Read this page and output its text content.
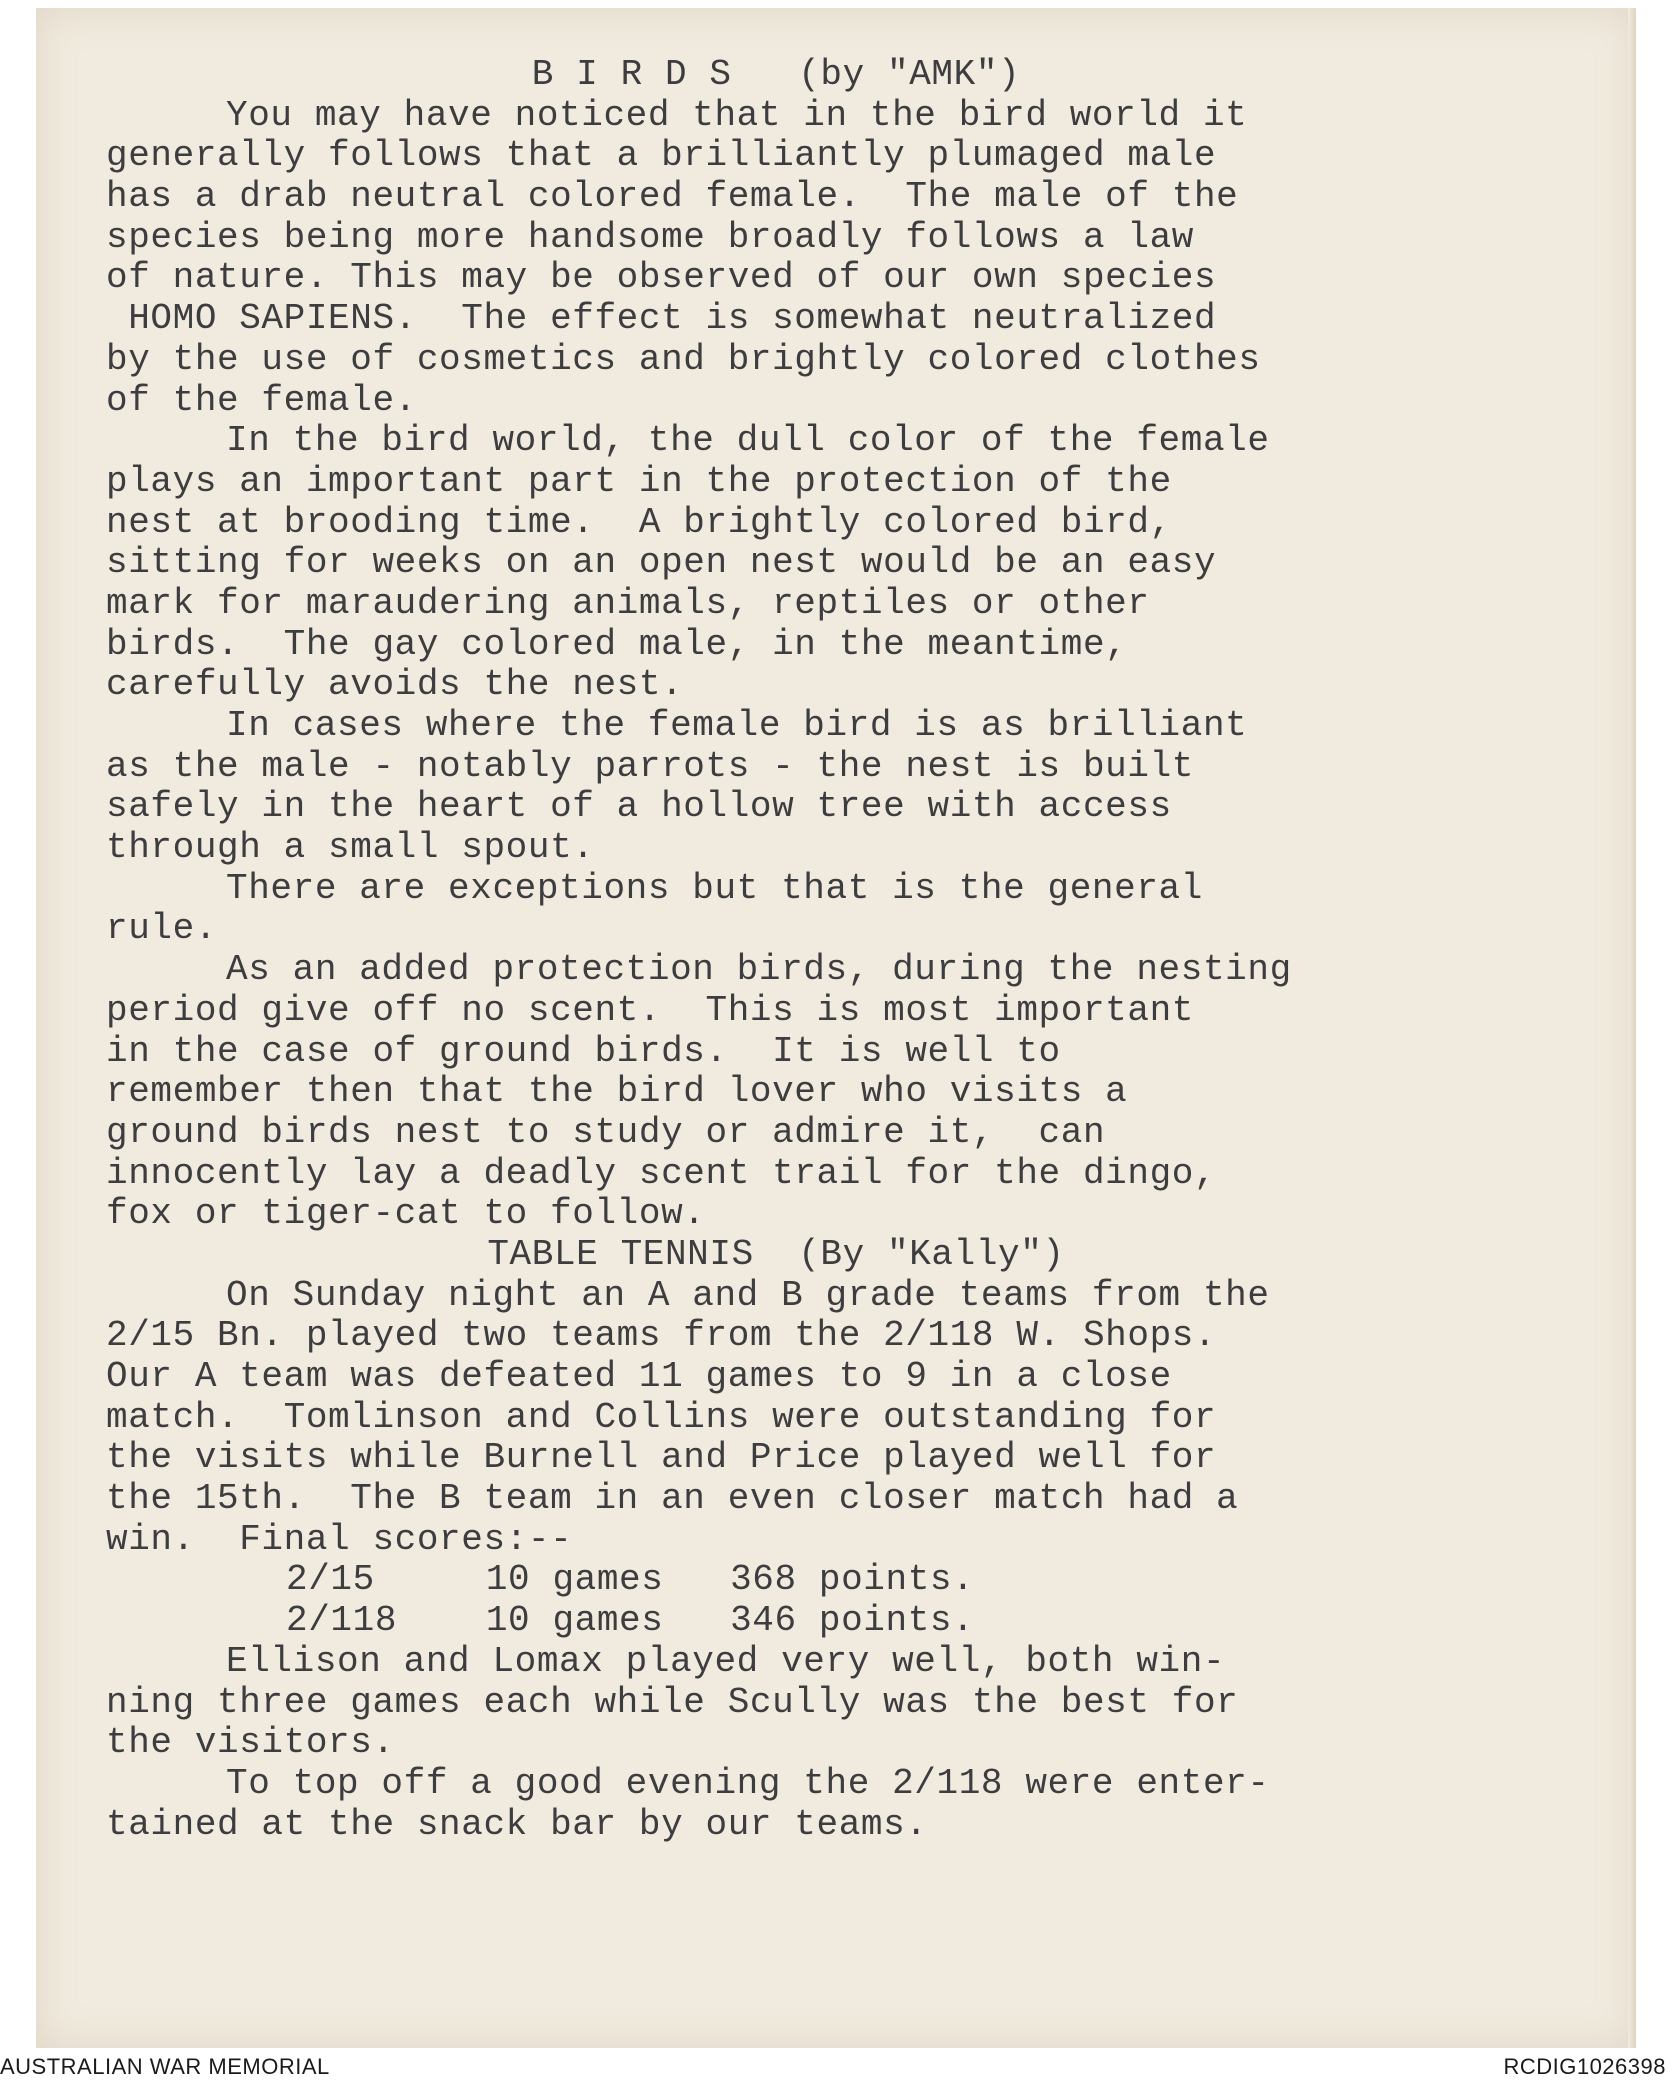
B I R D S   (by "AMK")
You may have noticed that in the bird world it
generally follows that a brilliantly plumaged male
has a drab neutral colored female.  The male of the
species being more handsome broadly follows a law
of nature. This may be observed of our own species
HOMO SAPIENS.  The effect is somewhat neutralized
by the use of cosmetics and brightly colored clothes
of the female.
In the bird world, the dull color of the female
plays an important part in the protection of the
nest at brooding time.  A brightly colored bird,
sitting for weeks on an open nest would be an easy
mark for maraudering animals, reptiles or other
birds.  The gay colored male, in the meantime,
carefully avoids the nest.
In cases where the female bird is as brilliant
as the male - notably parrots - the nest is built
safely in the heart of a hollow tree with access
through a small spout.
There are exceptions but that is the general
rule.
As an added protection birds, during the nesting
period give off no scent.  This is most important
in the case of ground birds.  It is well to
remember then that the bird lover who visits a
ground birds nest to study or admire it,  can
innocently lay a deadly scent trail for the dingo,
fox or tiger-cat to follow.
TABLE TENNIS  (By "Kally")
On Sunday night an A and B grade teams from the
2/15 Bn. played two teams from the 2/118 W. Shops.
Our A team was defeated 11 games to 9 in a close
match.  Tomlinson and Collins were outstanding for
the visits while Burnell and Price played well for
the 15th.  The B team in an even closer match had a
win.  Final scores:--
2/15     10 games   368 points.
2/118    10 games   346 points.
Ellison and Lomax played very well, both win-
ning three games each while Scully was the best for
the visitors.
To top off a good evening the 2/118 were enter-
tained at the snack bar by our teams.
AUSTRALIAN WAR MEMORIAL	RCDIG1026398
